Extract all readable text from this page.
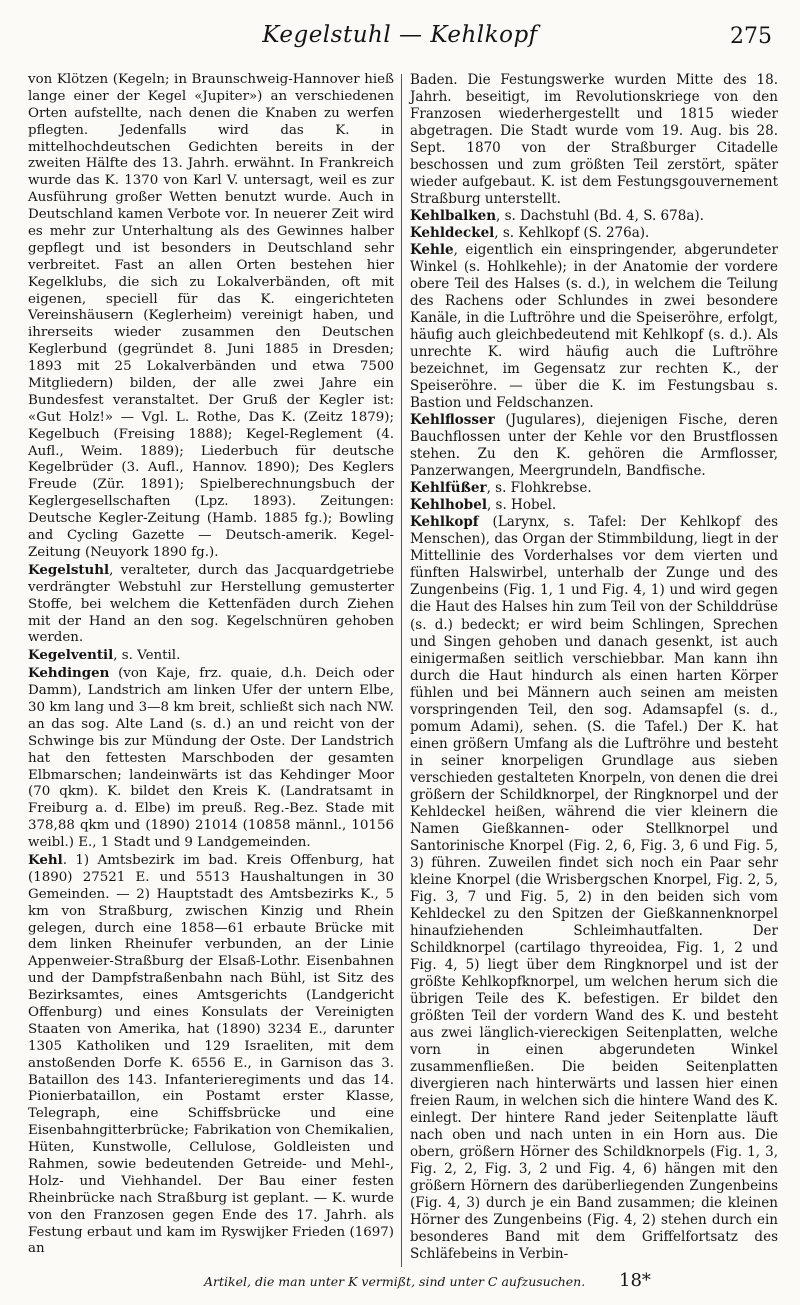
Kegelstuhl — Kehlkopf	275

von Klötzen (Kegeln; in Braunschweig-Hannover hieß lange einer der Kegel «Jupiter») an verschiedenen Orten aufstellte, nach denen die Knaben zu werfen pflegten. Jedenfalls wird das K. in mittelhochdeutschen Gedichten bereits in der zweiten Hälfte des 13. Jahrh. erwähnt. In Frankreich wurde das K. 1370 von Karl V. untersagt, weil es zur Ausführung großer Wetten benutzt wurde. Auch in Deutschland kamen Verbote vor. In neuerer Zeit wird es mehr zur Unterhaltung als des Gewinnes halber gepflegt und ist besonders in Deutschland sehr verbreitet. Fast an allen Orten bestehen hier Kegelklubs, die sich zu Lokalverbänden, oft mit eigenen, speciell für das K. eingerichteten Vereinshäusern (Keglerheim) vereinigt haben, und ihrerseits wieder zusammen den Deutschen Keglerbund (gegründet 8. Juni 1885 in Dresden; 1893 mit 25 Lokalverbänden und etwa 7500 Mitgliedern) bilden, der alle zwei Jahre ein Bundesfest veranstaltet. Der Gruß der Kegler ist: «Gut Holz!» — Vgl. L. Rothe, Das K. (Zeitz 1879); Kegelbuch (Freising 1888); Kegel-Reglement (4. Aufl., Weim. 1889); Liederbuch für deutsche Kegelbrüder (3. Aufl., Hannov. 1890); Des Keglers Freude (Zür. 1891); Spielberechnungsbuch der Keglergesellschaften (Lpz. 1893). Zeitungen: Deutsche Kegler-Zeitung (Hamb. 1885 fg.); Bowling and Cycling Gazette — Deutsch-amerik. Kegel-Zeitung (Neuyork 1890 fg.).

Kegelstuhl, veralteter, durch das Jacquardgetriebe verdrängter Webstuhl zur Herstellung gemusterter Stoffe, bei welchem die Kettenfäden durch Ziehen mit der Hand an den sog. Kegelschnüren gehoben werden.

Kegelventil, s. Ventil.

Kehdingen (von Kaje, frz. quaie, d.h. Deich oder Damm), Landstrich am linken Ufer der untern Elbe, 30 km lang und 3—8 km breit, schließt sich nach NW. an das sog. Alte Land (s. d.) an und reicht von der Schwinge bis zur Mündung der Oste. Der Landstrich hat den fettesten Marschboden der gesamten Elbmarschen; landeinwärts ist das Kehdinger Moor (70 qkm). K. bildet den Kreis K. (Landratsamt in Freiburg a. d. Elbe) im preuß. Reg.-Bez. Stade mit 378,88 qkm und (1890) 21014 (10858 männl., 10156 weibl.) E., 1 Stadt und 9 Landgemeinden.

Kehl. 1) Amtsbezirk im bad. Kreis Offenburg, hat (1890) 27521 E. und 5513 Haushaltungen in 30 Gemeinden. — 2) Hauptstadt des Amtsbezirks K., 5 km von Straßburg, zwischen Kinzig und Rhein gelegen, durch eine 1858—61 erbaute Brücke mit dem linken Rheinufer verbunden, an der Linie Appenweier-Straßburg der Elsaß-Lothr. Eisenbahnen und der Dampfstraßenbahn nach Bühl, ist Sitz des Bezirksamtes, eines Amtsgerichts (Landgericht Offenburg) und eines Konsulats der Vereinigten Staaten von Amerika, hat (1890) 3234 E., darunter 1305 Katholiken und 129 Israeliten, mit dem anstoßenden Dorfe K. 6556 E., in Garnison das 3. Bataillon des 143. Infanterieregiments und das 14. Pionierbataillon, ein Postamt erster Klasse, Telegraph, eine Schiffsbrücke und eine Eisenbahngitterbrücke; Fabrikation von Chemikalien, Hüten, Kunstwolle, Cellulose, Goldleisten und Rahmen, sowie bedeutenden Getreide- und Mehl-, Holz- und Viehhandel. Der Bau einer festen Rheinbrücke nach Straßburg ist geplant. — K. wurde von den Franzosen gegen Ende des 17. Jahrh. als Festung erbaut und kam im Ryswijker Frieden (1697) an

Baden. Die Festungswerke wurden Mitte des 18. Jahrh. beseitigt, im Revolutionskriege von den Franzosen wiederhergestellt und 1815 wieder abgetragen. Die Stadt wurde vom 19. Aug. bis 28. Sept. 1870 von der Straßburger Citadelle beschossen und zum größten Teil zerstört, später wieder aufgebaut. K. ist dem Festungsgouvernement Straßburg unterstellt.

Kehlbalken, s. Dachstuhl (Bd. 4, S. 678a).

Kehldeckel, s. Kehlkopf (S. 276a).

Kehle, eigentlich ein einspringender, abgerundeter Winkel (s. Hohlkehle); in der Anatomie der vordere obere Teil des Halses (s. d.), in welchem die Teilung des Rachens oder Schlundes in zwei besondere Kanäle, in die Luftröhre und die Speiseröhre, erfolgt, häufig auch gleichbedeutend mit Kehlkopf (s. d.). Als unrechte K. wird häufig auch die Luftröhre bezeichnet, im Gegensatz zur rechten K., der Speiseröhre. — über die K. im Festungsbau s. Bastion und Feldschanzen.

Kehlflosser (Jugulares), diejenigen Fische, deren Bauchflossen unter der Kehle vor den Brustflossen stehen. Zu den K. gehören die Armflosser, Panzerwangen, Meergrundeln, Bandfische.

Kehlfüßer, s. Flohkrebse.

Kehlhobel, s. Hobel.

Kehlkopf (Larynx, s. Tafel: Der Kehlkopf des Menschen), das Organ der Stimmbildung, liegt in der Mittellinie des Vorderhalses vor dem vierten und fünften Halswirbel, unterhalb der Zunge und des Zungenbeins (Fig. 1, 1 und Fig. 4, 1) und wird gegen die Haut des Halses hin zum Teil von der Schilddrüse (s. d.) bedeckt; er wird beim Schlingen, Sprechen und Singen gehoben und danach gesenkt, ist auch einigermaßen seitlich verschiebbar. Man kann ihn durch die Haut hindurch als einen harten Körper fühlen und bei Männern auch seinen am meisten vorspringenden Teil, den sog. Adamsapfel (s. d., pomum Adami), sehen. (S. die Tafel.) Der K. hat einen größern Umfang als die Luftröhre und besteht in seiner knorpeligen Grundlage aus sieben verschieden gestalteten Knorpeln, von denen die drei größern der Schildknorpel, der Ringknorpel und der Kehldeckel heißen, während die vier kleinern die Namen Gießkannen- oder Stellknorpel und Santorinische Knorpel (Fig. 2, 6, Fig. 3, 6 und Fig. 5, 3) führen. Zuweilen findet sich noch ein Paar sehr kleine Knorpel (die Wrisbergschen Knorpel, Fig. 2, 5, Fig. 3, 7 und Fig. 5, 2) in den beiden sich vom Kehldeckel zu den Spitzen der Gießkannenknorpel hinaufziehenden Schleimhautfalten. Der Schildknorpel (cartilago thyreoidea, Fig. 1, 2 und Fig. 4, 5) liegt über dem Ringknorpel und ist der größte Kehlkopfknorpel, um welchen herum sich die übrigen Teile des K. befestigen. Er bildet den größten Teil der vordern Wand des K. und besteht aus zwei länglich-viereckigen Seitenplatten, welche vorn in einen abgerundeten Winkel zusammenfließen. Die beiden Seitenplatten divergieren nach hinterwärts und lassen hier einen freien Raum, in welchen sich die hintere Wand des K. einlegt. Der hintere Rand jeder Seitenplatte läuft nach oben und nach unten in ein Horn aus. Die obern, größern Hörner des Schildknorpels (Fig. 1, 3, Fig. 2, 2, Fig. 3, 2 und Fig. 4, 6) hängen mit den größern Hörnern des darüberliegenden Zungenbeins (Fig. 4, 3) durch je ein Band zusammen; die kleinen Hörner des Zungenbeins (Fig. 4, 2) stehen durch ein besonderes Band mit dem Griffelfortsatz des Schläfebeins in Verbin-

Artikel, die man unter K vermißt, sind unter C aufzusuchen. 18*
